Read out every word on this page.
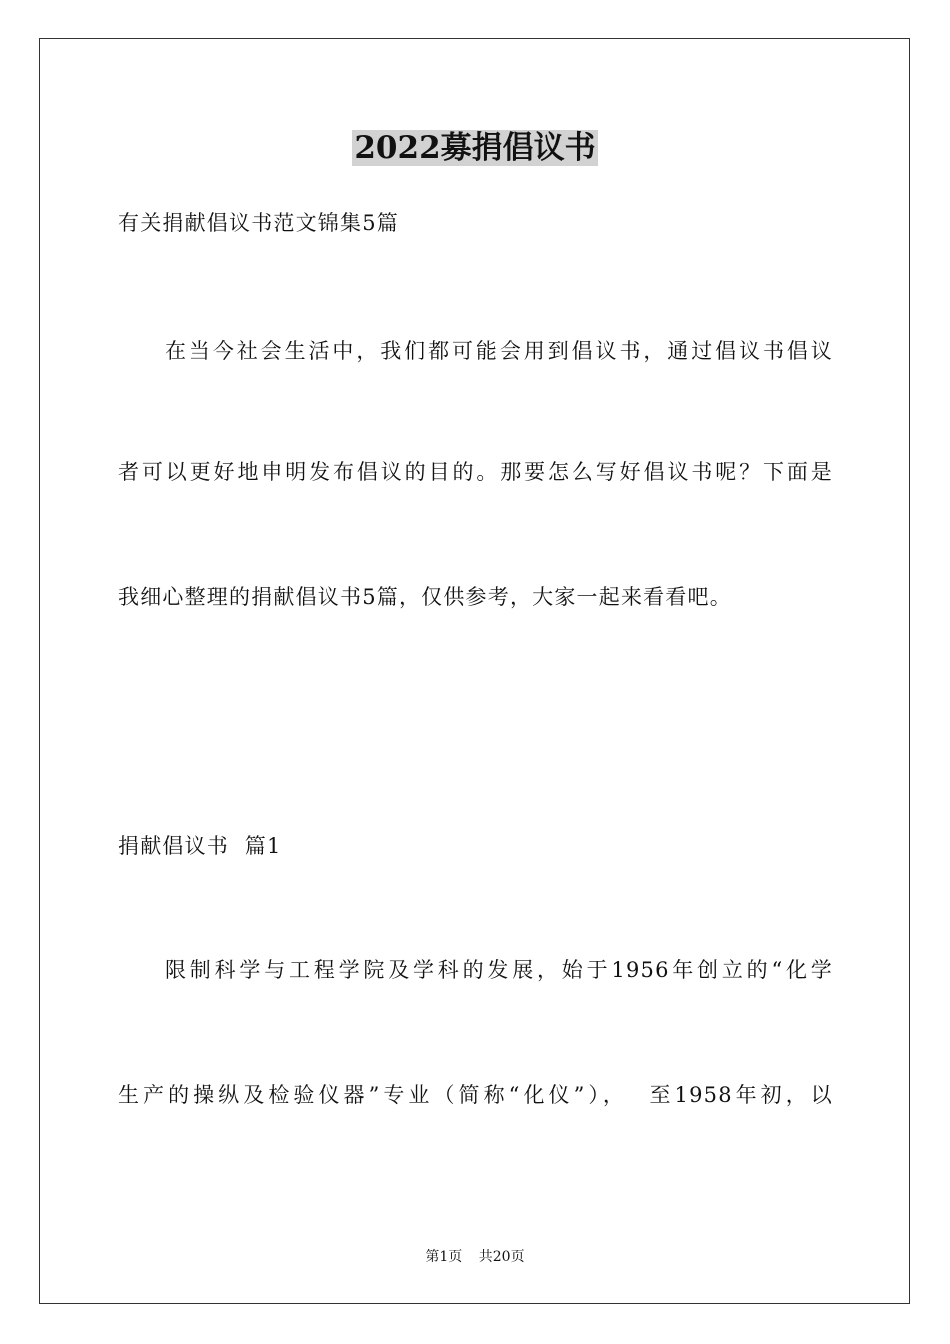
2022募捐倡议书
有关捐献倡议书范文锦集5篇
在当今社会生活中，我们都可能会用到倡议书，通过倡议书倡议
者可以更好地申明发布倡议的目的。那要怎么写好倡议书呢？下面是
我细心整理的捐献倡议书5篇，仅供参考，大家一起来看看吧。
捐献倡议书  篇1
限制科学与工程学院及学科的发展，始于1956年创立的“化学
生产的操纵及检验仪器”专业（简称“化仪”），  至1958年初，以
第1页 共20页
